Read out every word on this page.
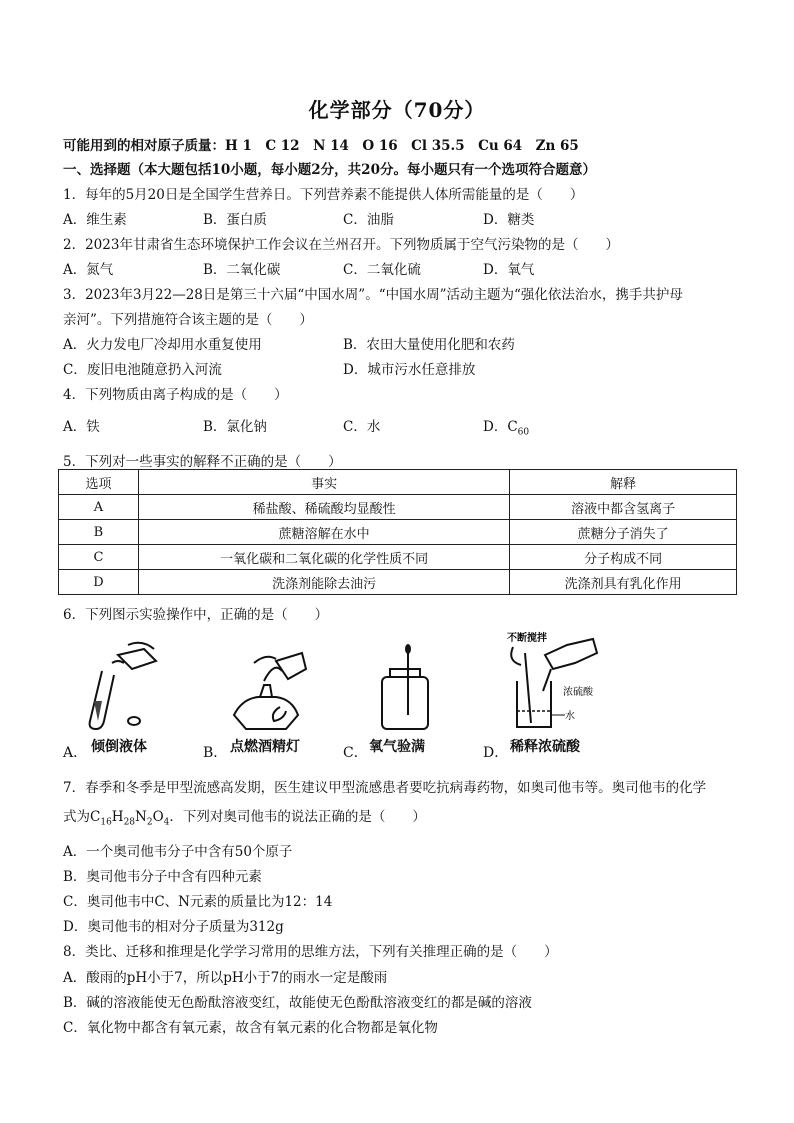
化学部分（70分）
可能用到的相对原子质量：H 1　C 12　N 14　O 16　Cl 35.5　Cu 64　Zn 65
一、选择题（本大题包括10小题，每小题2分，共20分。每小题只有一个选项符合题意）
1．每年的5月20日是全国学生营养日。下列营养素不能提供人体所需能量的是（　　）
A．维生素	B．蛋白质	C．油脂	D．糖类
2．2023年甘肃省生态环境保护工作会议在兰州召开。下列物质属于空气污染物的是（　　）
A．氮气	B．二氧化碳	C．二氧化硫	D．氧气
3．2023年3月22—28日是第三十六届“中国水周”。“中国水周”活动主题为“强化依法治水，携手共护母
亲河”。下列措施符合该主题的是（　　）
A．火力发电厂冷却用水重复使用	B．农田大量使用化肥和农药
C．废旧电池随意扔入河流	D．城市污水任意排放
4．下列物质由离子构成的是（　　）
A．铁	B．氯化钠	C．水	D．$C_{60}$
5．下列对一些事实的解释不正确的是（　　）
选项	事实	解释
A	稀盐酸、稀硫酸均显酸性	溶液中都含氢离子
B	蔗糖溶解在水中	蔗糖分子消失了
C	一氧化碳和二氧化碳的化学性质不同	分子构成不同
D	洗涤剂能除去油污	洗涤剂具有乳化作用
6．下列图示实验操作中，正确的是（　　）
A． 倾倒液体	B． 点燃酒精灯	C． 氧气验满
不断搅拌
浓硫酸
水
D． 稀释浓硫酸
7．春季和冬季是甲型流感高发期，医生建议甲型流感患者要吃抗病毒药物，如奥司他韦等。奥司他韦的化学
式为$C_{16}H_{28}N_2O_4$．下列对奥司他韦的说法正确的是（　　）
A．一个奥司他韦分子中含有50个原子
B．奥司他韦分子中含有四种元素
C．奥司他韦中C、N元素的质量比为12：14
D．奥司他韦的相对分子质量为312g
8．类比、迁移和推理是化学学习常用的思维方法，下列有关推理正确的是（　　）
A．酸雨的pH小于7，所以pH小于7的雨水一定是酸雨
B．碱的溶液能使无色酚酞溶液变红，故能使无色酚酞溶液变红的都是碱的溶液
C．氧化物中都含有氧元素，故含有氧元素的化合物都是氧化物
